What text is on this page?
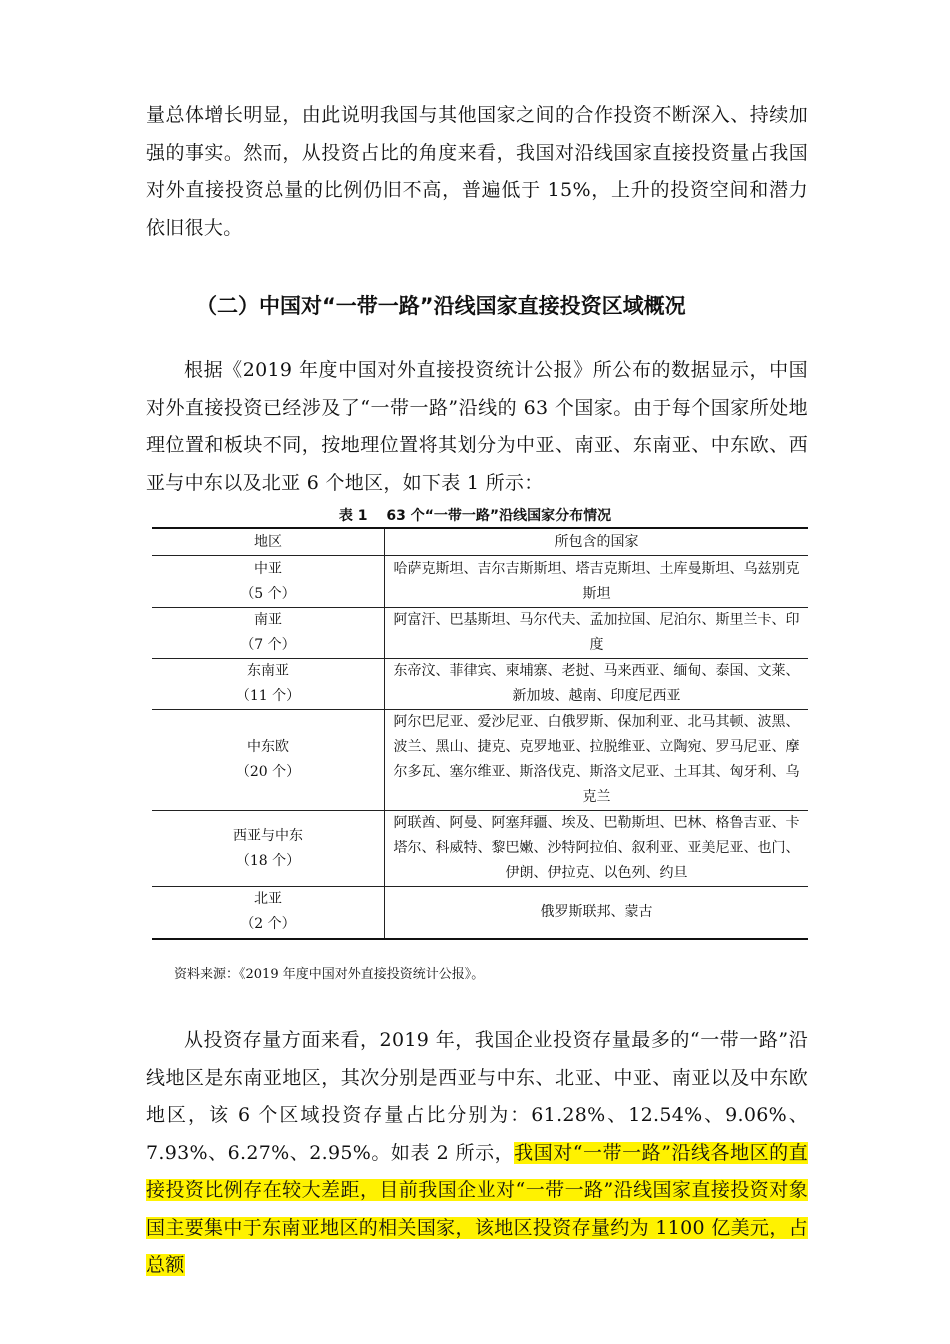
量总体增长明显，由此说明我国与其他国家之间的合作投资不断深入、持续加强的事实。然而，从投资占比的角度来看，我国对沿线国家直接投资量占我国对外直接投资总量的比例仍旧不高，普遍低于 15%，上升的投资空间和潜力依旧很大。

（二）中国对“一带一路”沿线国家直接投资区域概况

根据《2019 年度中国对外直接投资统计公报》所公布的数据显示，中国对外直接投资已经涉及了“一带一路”沿线的 63 个国家。由于每个国家所处地理位置和板块不同，按地理位置将其划分为中亚、南亚、东南亚、中东欧、西亚与中东以及北亚 6 个地区，如下表 1 所示：

表 1　 63 个“一带一路”沿线国家分布情况

地区	所包含的国家

中亚
（5 个）	哈萨克斯坦、吉尔吉斯斯坦、塔吉克斯坦、土库曼斯坦、乌兹别克斯坦

南亚
（7 个）	阿富汗、巴基斯坦、马尔代夫、孟加拉国、尼泊尔、斯里兰卡、印度

东南亚
（11 个）	东帝汶、菲律宾、柬埔寨、老挝、马来西亚、缅甸、泰国、文莱、新加坡、越南、印度尼西亚

中东欧
（20 个）	阿尔巴尼亚、爱沙尼亚、白俄罗斯、保加利亚、北马其顿、波黑、波兰、黑山、捷克、克罗地亚、拉脱维亚、立陶宛、罗马尼亚、摩尔多瓦、塞尔维亚、斯洛伐克、斯洛文尼亚、土耳其、匈牙利、乌克兰

西亚与中东
（18 个）	阿联酋、阿曼、阿塞拜疆、埃及、巴勒斯坦、巴林、格鲁吉亚、卡塔尔、科威特、黎巴嫩、沙特阿拉伯、叙利亚、亚美尼亚、也门、伊朗、伊拉克、以色列、约旦

北亚
（2 个）	俄罗斯联邦、蒙古

资料来源：《2019 年度中国对外直接投资统计公报》。

从投资存量方面来看，2019 年，我国企业投资存量最多的“一带一路”沿线地区是东南亚地区，其次分别是西亚与中东、北亚、中亚、南亚以及中东欧地区，该 6 个区域投资存量占比分别为：61.28%、12.54%、9.06%、7.93%、6.27%、2.95%。如表 2 所示，我国对“一带一路”沿线各地区的直接投资比例存在较大差距，目前我国企业对“一带一路”沿线国家直接投资对象国主要集中于东南亚地区的相关国家，该地区投资存量约为 1100 亿美元，占总额
